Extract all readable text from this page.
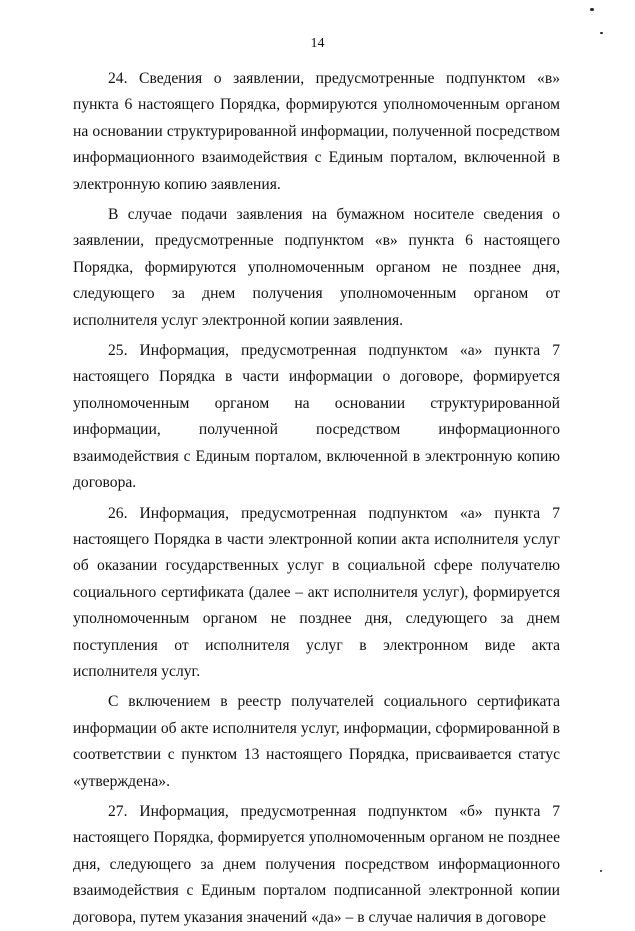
14

24. Сведения о заявлении, предусмотренные подпунктом «в» пункта 6 настоящего Порядка, формируются уполномоченным органом на основании структурированной информации, полученной посредством информационного взаимодействия с Единым порталом, включенной в электронную копию заявления.

В случае подачи заявления на бумажном носителе сведения о заявлении, предусмотренные подпунктом «в» пункта 6 настоящего Порядка, формируются уполномоченным органом не позднее дня, следующего за днем получения уполномоченным органом от исполнителя услуг электронной копии заявления.

25. Информация, предусмотренная подпунктом «а» пункта 7 настоящего Порядка в части информации о договоре, формируется уполномоченным органом на основании структурированной информации, полученной посредством информационного взаимодействия с Единым порталом, включенной в электронную копию договора.

26. Информация, предусмотренная подпунктом «а» пункта 7 настоящего Порядка в части электронной копии акта исполнителя услуг об оказании государственных услуг в социальной сфере получателю социального сертификата (далее – акт исполнителя услуг), формируется уполномоченным органом не позднее дня, следующего за днем поступления от исполнителя услуг в электронном виде акта исполнителя услуг.

С включением в реестр получателей социального сертификата информации об акте исполнителя услуг, информации, сформированной в соответствии с пунктом 13 настоящего Порядка, присваивается статус «утверждена».

27. Информация, предусмотренная подпунктом «б» пункта 7 настоящего Порядка, формируется уполномоченным органом не позднее дня, следующего за днем получения посредством информационного взаимодействия с Единым порталом подписанной электронной копии договора, путем указания значений «да» – в случае наличия в договоре
